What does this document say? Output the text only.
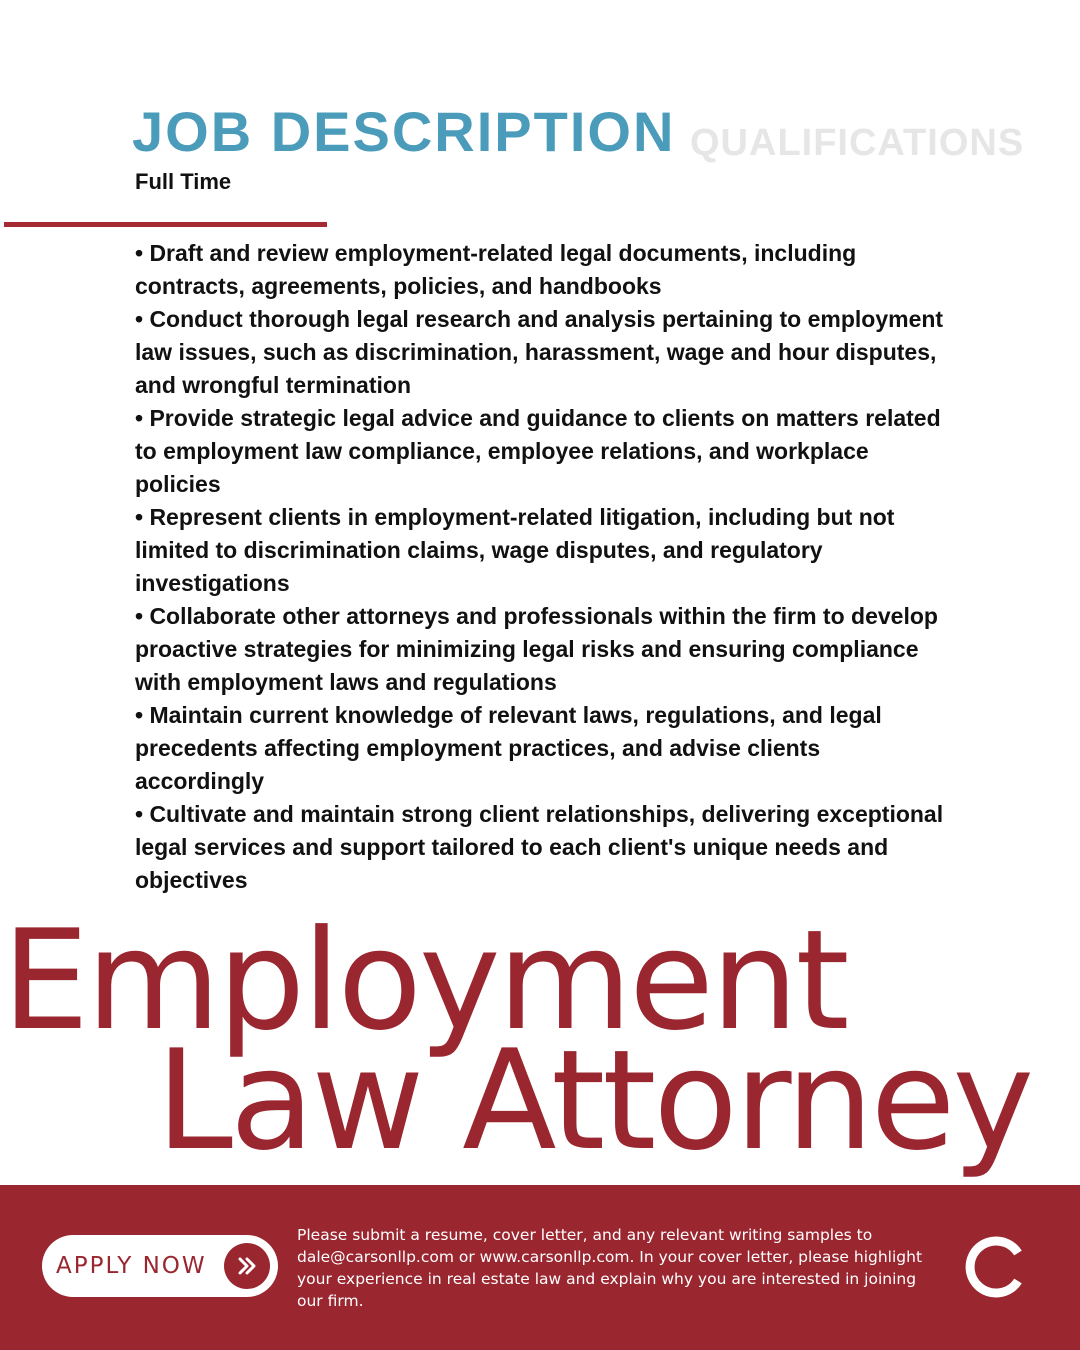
JOB DESCRIPTION QUALIFICATIONS
Full Time
• Draft and review employment-related legal documents, including contracts, agreements, policies, and handbooks
• Conduct thorough legal research and analysis pertaining to employment law issues, such as discrimination, harassment, wage and hour disputes, and wrongful termination
• Provide strategic legal advice and guidance to clients on matters related to employment law compliance, employee relations, and workplace policies
• Represent clients in employment-related litigation, including but not limited to discrimination claims, wage disputes, and regulatory investigations
• Collaborate other attorneys and professionals within the firm to develop proactive strategies for minimizing legal risks and ensuring compliance with employment laws and regulations
• Maintain current knowledge of relevant laws, regulations, and legal precedents affecting employment practices, and advise clients accordingly
• Cultivate and maintain strong client relationships, delivering exceptional legal services and support tailored to each client's unique needs and objectives
Employment
Law Attorney
APPLY NOW
Please submit a resume, cover letter, and any relevant writing samples to dale@carsonllp.com or www.carsonllp.com. In your cover letter, please highlight your experience in real estate law and explain why you are interested in joining our firm.
